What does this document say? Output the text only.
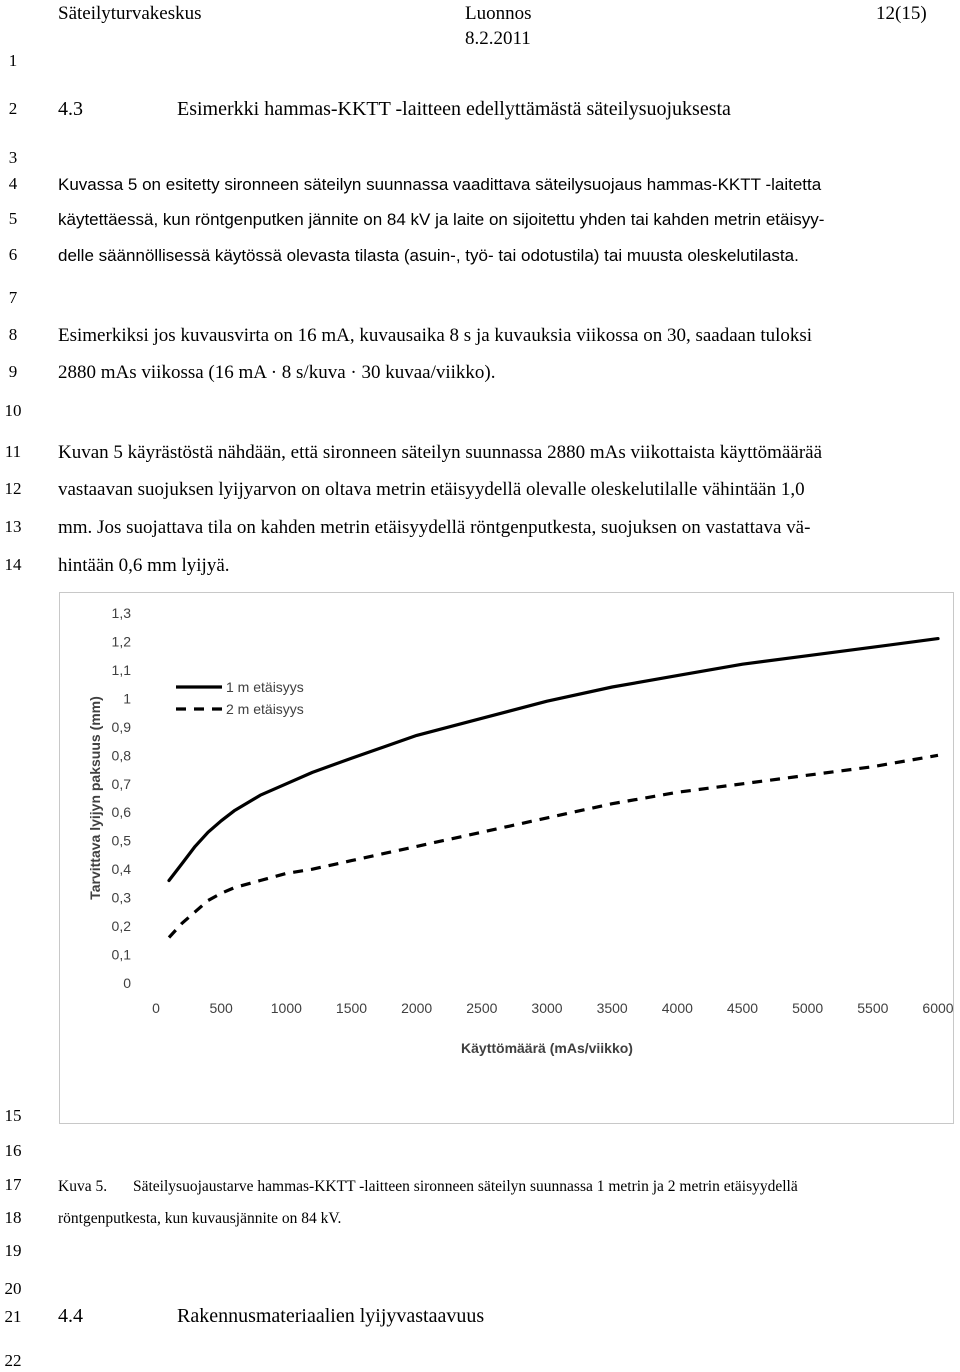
Säteilyturvakeskus	Luonnos
8.2.2011
12(15)
1
2
3
4
5
6
7
8
9
10
11
12
13
14
15
16
17
18
19
20
21
22
4.3	Esimerkki hammas-KKTT -laitteen edellyttämästä säteilysuojuksesta
Kuvassa 5 on esitetty sironneen säteilyn suunnassa vaadittava säteilysuojaus hammas-KKTT -laitetta
käytettäessä, kun röntgenputken jännite on 84 kV ja laite on sijoitettu yhden tai kahden metrin etäisyy-
delle säännöllisessä käytössä olevasta tilasta (asuin-, työ- tai odotustila) tai muusta oleskelutilasta.
Esimerkiksi jos kuvausvirta on 16 mA, kuvausaika 8 s ja kuvauksia viikossa on 30, saadaan tuloksi
2880 mAs viikossa (16 mA · 8 s/kuva · 30 kuvaa/viikko).
Kuvan 5 käyrästöstä nähdään, että sironneen säteilyn suunnassa 2880 mAs viikottaista käyttömäärää
vastaavan suojuksen lyijyarvon on oltava metrin etäisyydellä olevalle oleskelutilalle vähintään 1,0
mm. Jos suojattava tila on kahden metrin etäisyydellä röntgenputkesta, suojuksen on vastattava vä-
hintään 0,6 mm lyijyä.
0
0,1
0,2
0,3
0,4
0,5
0,6
0,7
0,8
0,9
1
1,1
1,2
1,3
0	500	1000 1500 2000 2500 3000 3500 4000 4500 5000 5500 6000
Käyttömäärä (mAs/viikko)
Tarvittava lyijyn paksuus (mm)
1 m etäisyys
2 m etäisyys
Kuva 5. Säteilysuojaustarve hammas-KKTT -laitteen sironneen säteilyn suunnassa 1 metrin ja 2 metrin etäisyydellä
röntgenputkesta, kun kuvausjännite on 84 kV.
4.4	Rakennusmateriaalien lyijyvastaavuus
